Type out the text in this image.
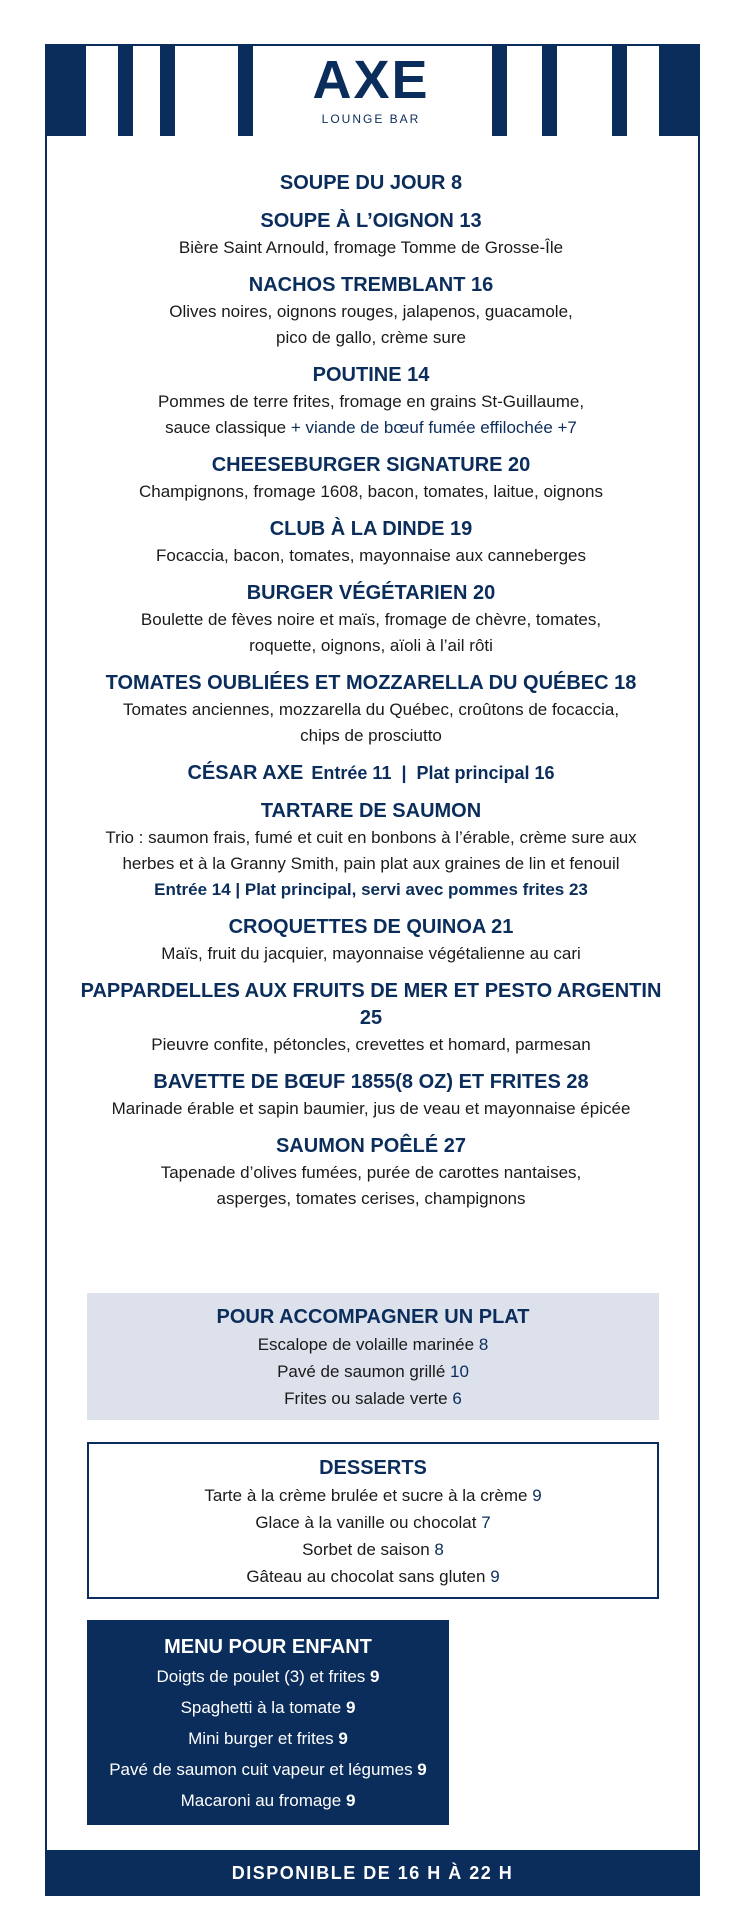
AXE
LOUNGE BAR
SOUPE DU JOUR 8
SOUPE À L’OIGNON 13
Bière Saint Arnould, fromage Tomme de Grosse-Île
NACHOS TREMBLANT 16
Olives noires, oignons rouges, jalapenos, guacamole,
pico de gallo, crème sure
POUTINE 14
Pommes de terre frites, fromage en grains St-Guillaume,
sauce classique + viande de bœuf fumée effilochée +7
CHEESEBURGER SIGNATURE 20
Champignons, fromage 1608, bacon, tomates, laitue, oignons
CLUB À LA DINDE 19
Focaccia, bacon, tomates, mayonnaise aux canneberges
BURGER VÉGÉTARIEN 20
Boulette de fèves noire et maïs, fromage de chèvre, tomates,
roquette, oignons, aïoli à l’ail rôti
TOMATES OUBLIÉES ET MOZZARELLA DU QUÉBEC 18
Tomates anciennes, mozzarella du Québec, croûtons de focaccia,
chips de prosciutto
CÉSAR AXE Entrée 11  |  Plat principal 16
TARTARE DE SAUMON
Trio : saumon frais, fumé et cuit en bonbons à l’érable, crème sure aux
herbes et à la Granny Smith, pain plat aux graines de lin et fenouil
Entrée 14 | Plat principal, servi avec pommes frites 23
CROQUETTES DE QUINOA 21
Maïs, fruit du jacquier, mayonnaise végétalienne au cari
PAPPARDELLES AUX FRUITS DE MER ET PESTO ARGENTIN 25
Pieuvre confite, pétoncles, crevettes et homard, parmesan
BAVETTE DE BŒUF 1855(8 OZ) ET FRITES 28
Marinade érable et sapin baumier, jus de veau et mayonnaise épicée
SAUMON POÊLÉ 27
Tapenade d’olives fumées, purée de carottes nantaises,
asperges, tomates cerises, champignons
POUR ACCOMPAGNER UN PLAT
Escalope de volaille marinée 8
Pavé de saumon grillé 10
Frites ou salade verte 6
DESSERTS
Tarte à la crème brulée et sucre à la crème 9
Glace à la vanille ou chocolat 7
Sorbet de saison 8
Gâteau au chocolat sans gluten 9
MENU POUR ENFANT
Doigts de poulet (3) et frites 9
Spaghetti à la tomate 9
Mini burger et frites 9
Pavé de saumon cuit vapeur et légumes 9
Macaroni au fromage 9
DISPONIBLE DE 16 H À 22 H
